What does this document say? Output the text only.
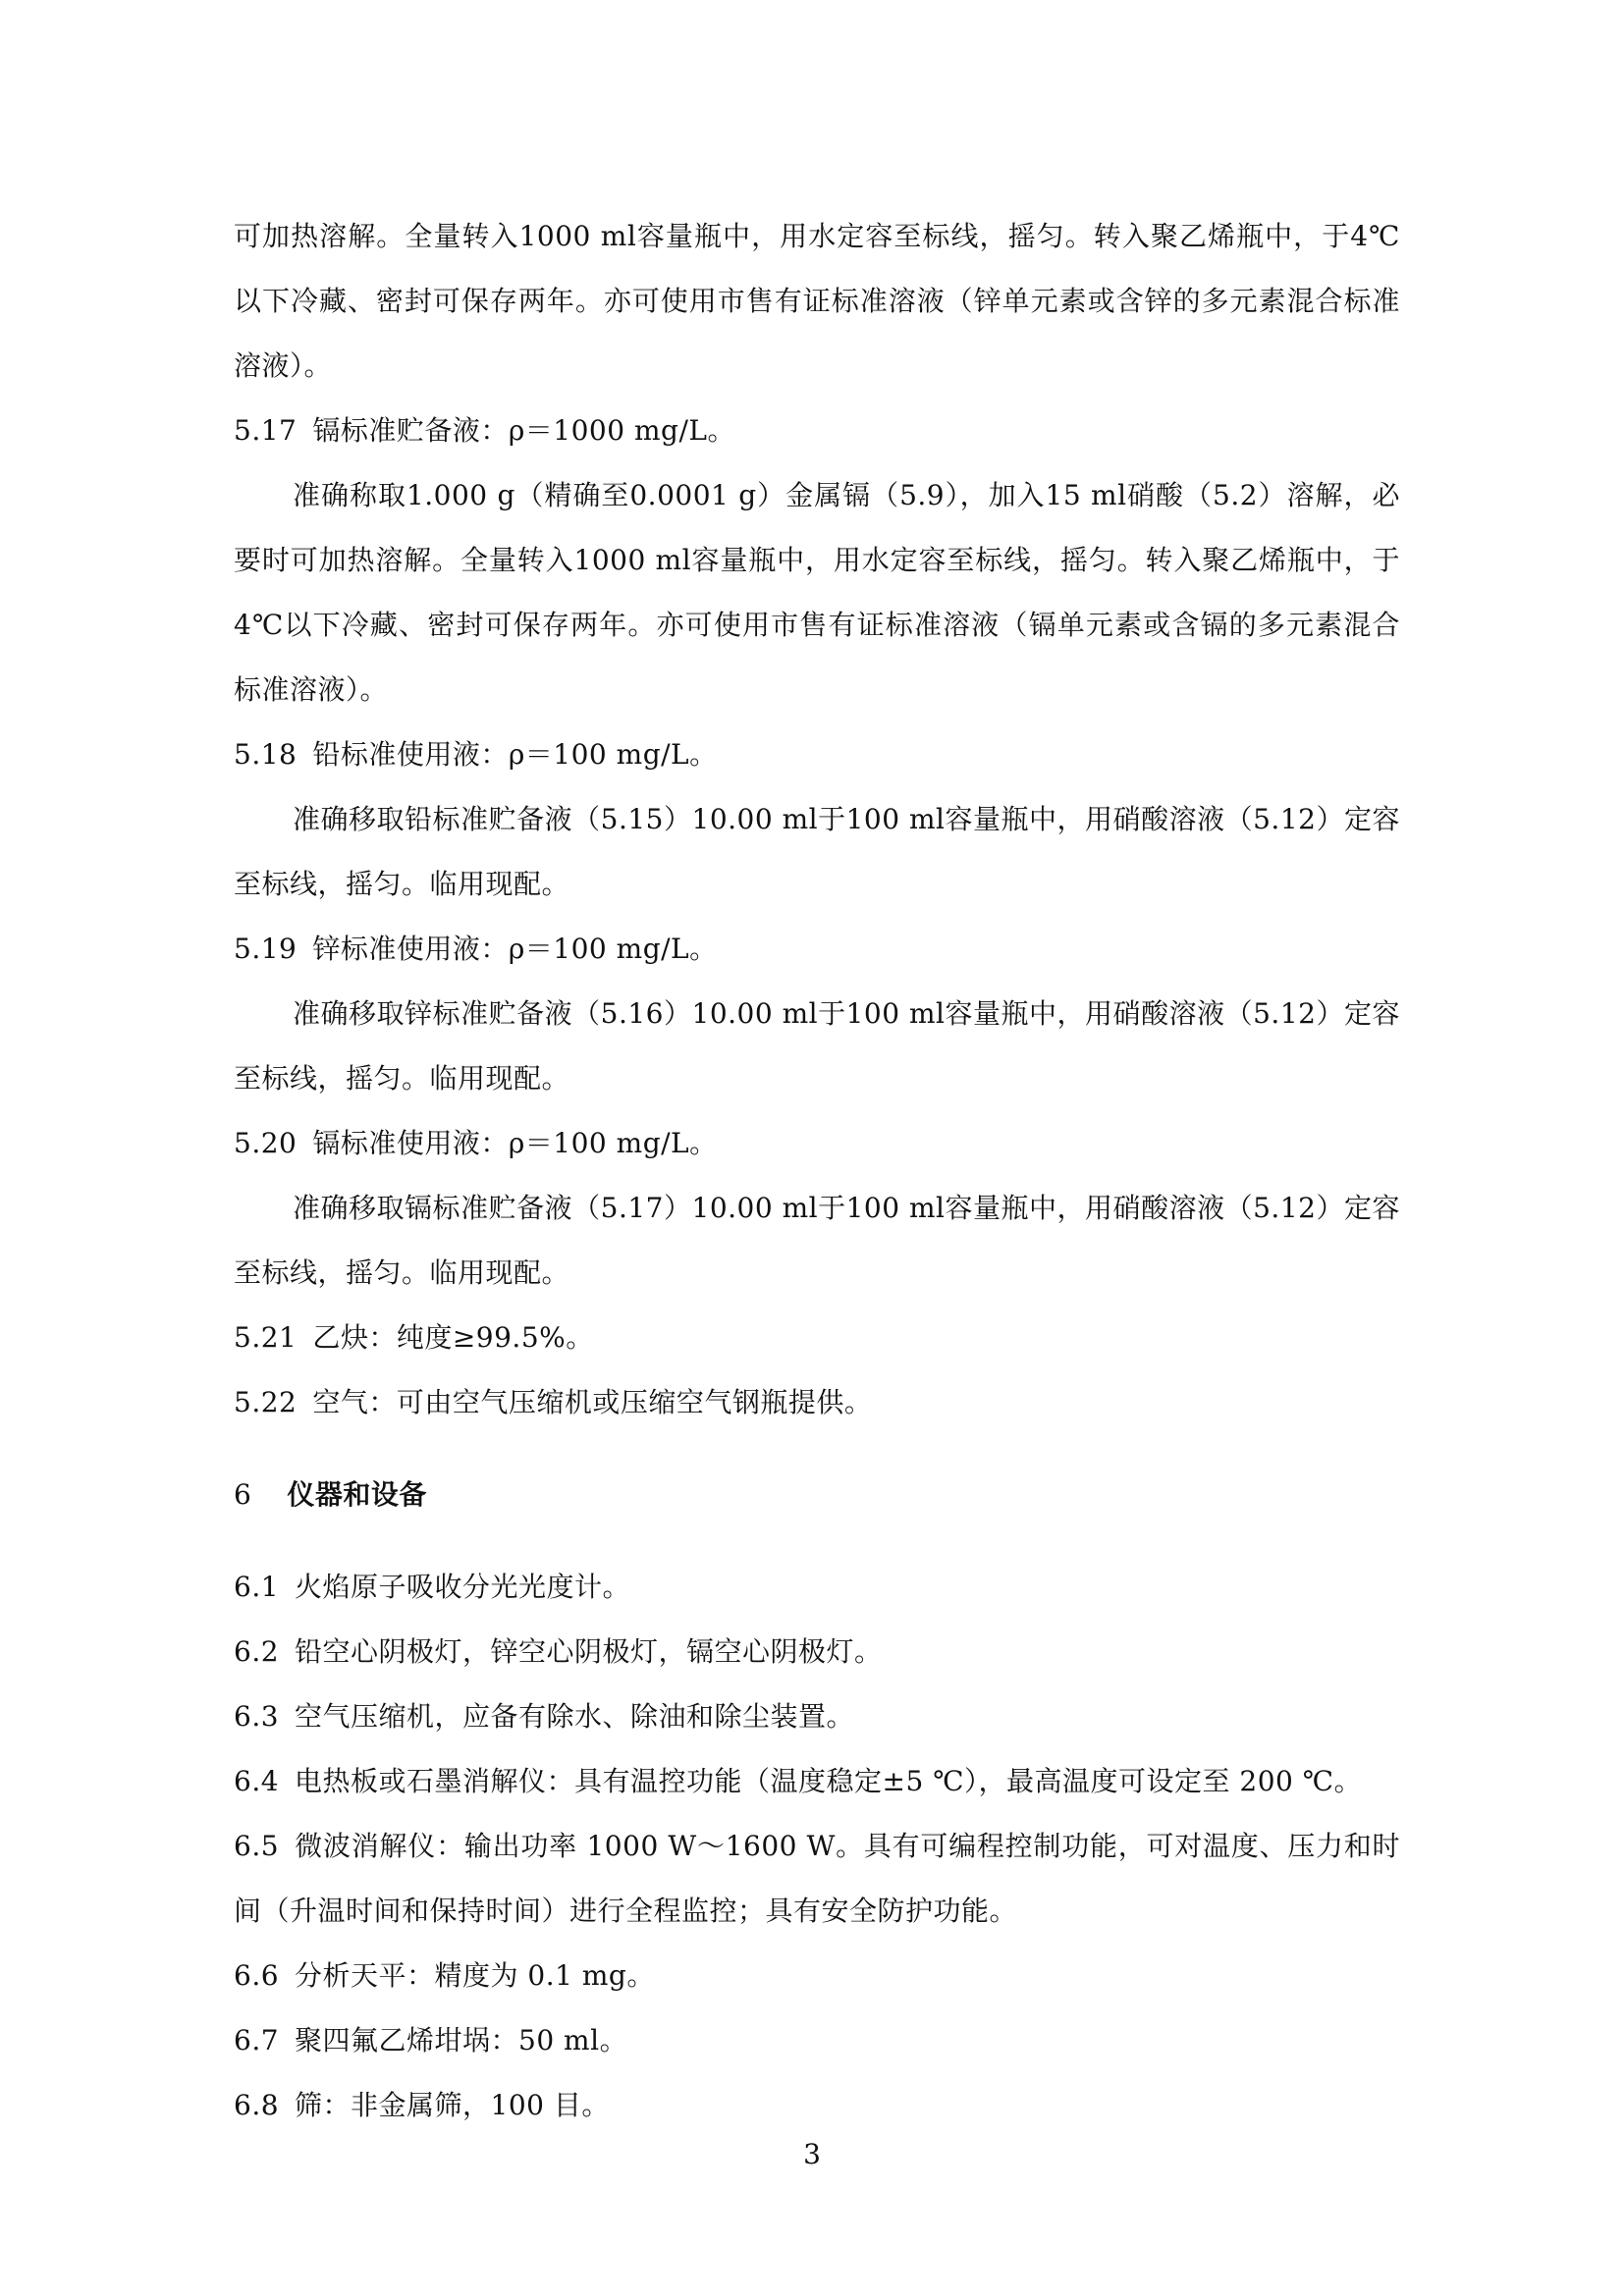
可加热溶解。全量转入1000 ml容量瓶中，用水定容至标线，摇匀。转入聚乙烯瓶中，于4℃以下冷藏、密封可保存两年。亦可使用市售有证标准溶液（锌单元素或含锌的多元素混合标准溶液）。

5.17 镉标准贮备液：ρ＝1000 mg/L。

准确称取1.000 g（精确至0.0001 g）金属镉（5.9），加入15 ml硝酸（5.2）溶解，必要时可加热溶解。全量转入1000 ml容量瓶中，用水定容至标线，摇匀。转入聚乙烯瓶中，于4℃以下冷藏、密封可保存两年。亦可使用市售有证标准溶液（镉单元素或含镉的多元素混合标准溶液）。

5.18 铅标准使用液：ρ＝100 mg/L。

准确移取铅标准贮备液（5.15）10.00 ml于100 ml容量瓶中，用硝酸溶液（5.12）定容至标线，摇匀。临用现配。

5.19 锌标准使用液：ρ＝100 mg/L。

准确移取锌标准贮备液（5.16）10.00 ml于100 ml容量瓶中，用硝酸溶液（5.12）定容至标线，摇匀。临用现配。

5.20 镉标准使用液：ρ＝100 mg/L。

准确移取镉标准贮备液（5.17）10.00 ml于100 ml容量瓶中，用硝酸溶液（5.12）定容至标线，摇匀。临用现配。

5.21 乙炔：纯度≥99.5%。

5.22 空气：可由空气压缩机或压缩空气钢瓶提供。

6 仪器和设备

6.1 火焰原子吸收分光光度计。

6.2 铅空心阴极灯，锌空心阴极灯，镉空心阴极灯。

6.3 空气压缩机，应备有除水、除油和除尘装置。

6.4 电热板或石墨消解仪：具有温控功能（温度稳定±5 ℃），最高温度可设定至 200 ℃。

6.5 微波消解仪：输出功率 1000 W～1600 W。具有可编程控制功能，可对温度、压力和时间（升温时间和保持时间）进行全程监控；具有安全防护功能。

6.6 分析天平：精度为 0.1 mg。

6.7 聚四氟乙烯坩埚：50 ml。

6.8 筛：非金属筛，100 目。

3
